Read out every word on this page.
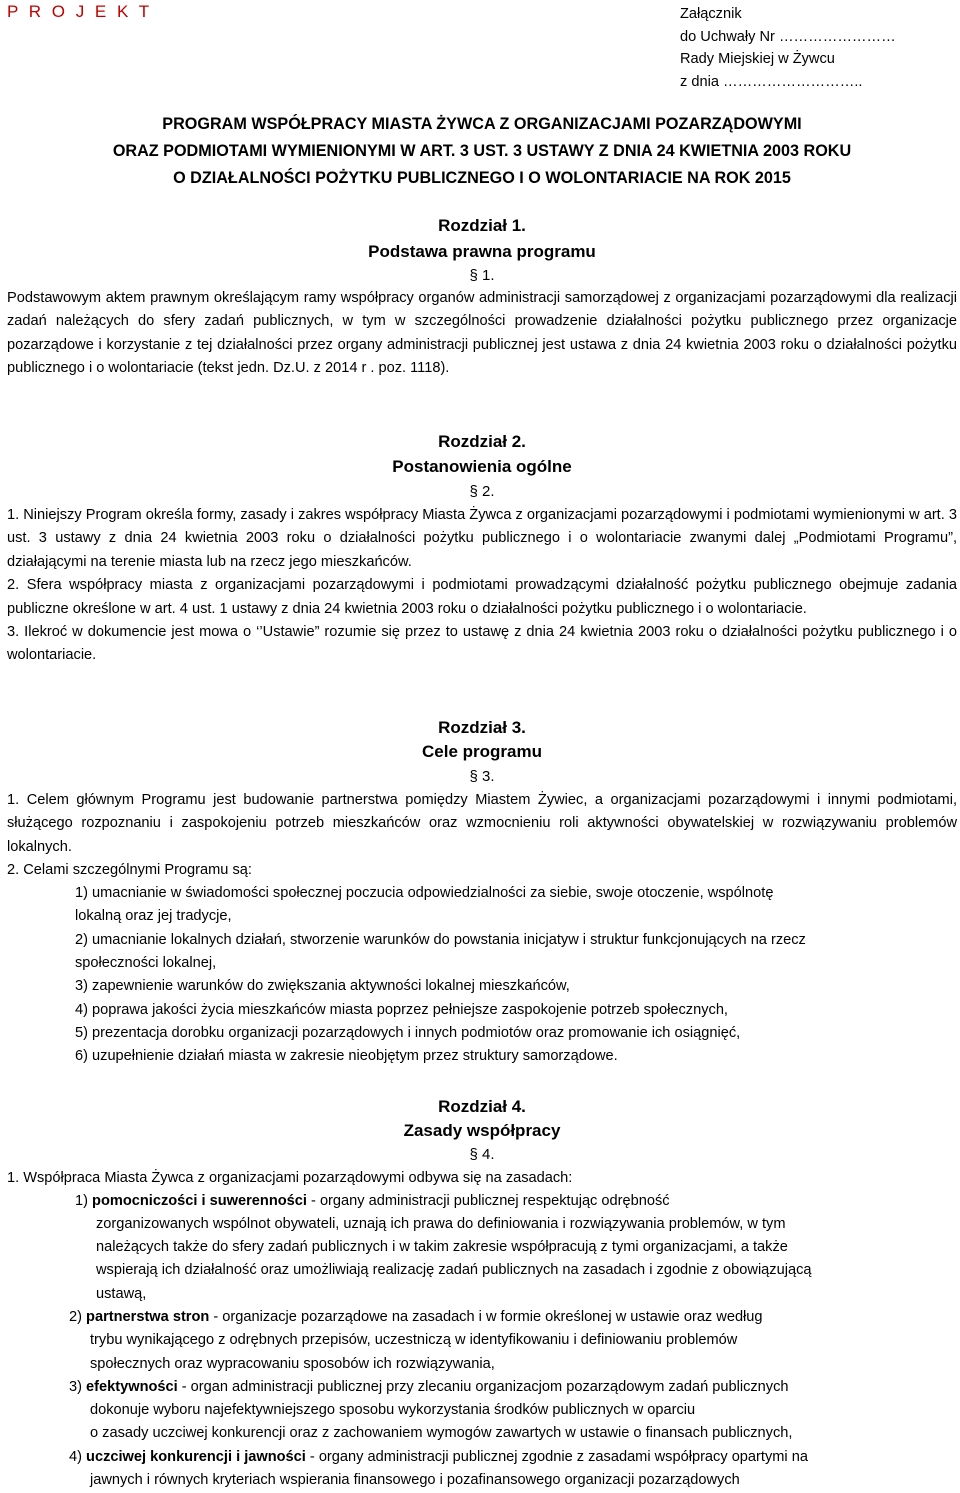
P R O J E K T	Załącznik
do Uchwały Nr ……………………
Rady Miejskiej w Żywcu
z dnia ………………………..
PROGRAM WSPÓŁPRACY MIASTA ŻYWCA Z ORGANIZACJAMI POZARZĄDOWYMI
ORAZ PODMIOTAMI WYMIENIONYMI W ART. 3 UST. 3 USTAWY Z DNIA 24 KWIETNIA 2003 ROKU
O DZIAŁALNOŚCI POŻYTKU PUBLICZNEGO I O WOLONTARIACIE NA ROK 2015
Rozdział 1.
Podstawa prawna programu
§ 1.

Podstawowym aktem prawnym określającym ramy współpracy organów administracji samorządowej z organizacjami pozarządowymi dla realizacji zadań należących do sfery zadań publicznych, w tym w szczególności prowadzenie działalności pożytku publicznego przez organizacje pozarządowe i korzystanie z tej działalności przez organy administracji publicznej jest ustawa z dnia 24 kwietnia 2003 roku o działalności pożytku publicznego i o wolontariacie (tekst jedn. Dz.U. z 2014 r . poz. 1118).

Rozdział 2.
Postanowienia ogólne
§ 2.

1. Niniejszy Program określa formy, zasady i zakres współpracy Miasta Żywca z organizacjami pozarządowymi i podmiotami wymienionymi w art. 3 ust. 3 ustawy z dnia 24 kwietnia 2003 roku o działalności pożytku publicznego i o wolontariacie zwanymi dalej „Podmiotami Programu”, działającymi na terenie miasta lub na rzecz jego mieszkańców.

2. Sfera współpracy miasta z organizacjami pozarządowymi i podmiotami prowadzącymi działalność pożytku publicznego obejmuje zadania publiczne określone w art. 4 ust. 1 ustawy z dnia 24 kwietnia 2003 roku o działalności pożytku publicznego i o wolontariacie.

3. Ilekroć w dokumencie jest mowa o ‘’Ustawie” rozumie się przez to ustawę z dnia 24 kwietnia 2003 roku o działalności pożytku publicznego i o wolontariacie.

Rozdział 3.
Cele programu
§ 3.

1. Celem głównym Programu jest budowanie partnerstwa pomiędzy Miastem Żywiec, a organizacjami pozarządowymi i innymi podmiotami, służącego rozpoznaniu i zaspokojeniu potrzeb mieszkańców oraz wzmocnieniu roli aktywności obywatelskiej w rozwiązywaniu problemów lokalnych.

2. Celami szczególnymi Programu są:

1) umacnianie w świadomości społecznej poczucia odpowiedzialności za siebie, swoje otoczenie, wspólnotę
lokalną oraz jej tradycje,
2) umacnianie lokalnych działań, stworzenie warunków do powstania inicjatyw i struktur funkcjonujących na rzecz
społeczności lokalnej,
3) zapewnienie warunków do zwiększania aktywności lokalnej mieszkańców,
4) poprawa jakości życia mieszkańców miasta poprzez pełniejsze zaspokojenie potrzeb społecznych,
5) prezentacja dorobku organizacji pozarządowych i innych podmiotów oraz promowanie ich osiągnięć,
6) uzupełnienie działań miasta w zakresie nieobjętym przez struktury samorządowe.
Rozdział 4.
Zasady współpracy
§ 4.
1. Współpraca Miasta Żywca z organizacjami pozarządowymi odbywa się na zasadach:
1) pomocniczości i suwerenności - organy administracji publicznej respektując odrębność
zorganizowanych wspólnot obywateli, uznają ich prawa do definiowania i rozwiązywania problemów, w tym
należących także do sfery zadań publicznych i w takim zakresie współpracują z tymi organizacjami, a także
wspierają ich działalność oraz umożliwiają realizację zadań publicznych na zasadach i zgodnie z obowiązującą
ustawą,
2) partnerstwa stron - organizacje pozarządowe na zasadach i w formie określonej w ustawie oraz według
trybu wynikającego z odrębnych przepisów, uczestniczą w identyfikowaniu i definiowaniu problemów
społecznych oraz wypracowaniu sposobów ich rozwiązywania,
3) efektywności - organ administracji publicznej przy zlecaniu organizacjom pozarządowym zadań publicznych
dokonuje wyboru najefektywniejszego sposobu wykorzystania środków publicznych w oparciu
o zasady uczciwej konkurencji oraz z zachowaniem wymogów zawartych w ustawie o finansach publicznych,
4) uczciwej konkurencji i jawności - organy administracji publicznej zgodnie z zasadami współpracy opartymi na
jawnych i równych kryteriach wspierania finansowego i pozafinansowego organizacji pozarządowych
